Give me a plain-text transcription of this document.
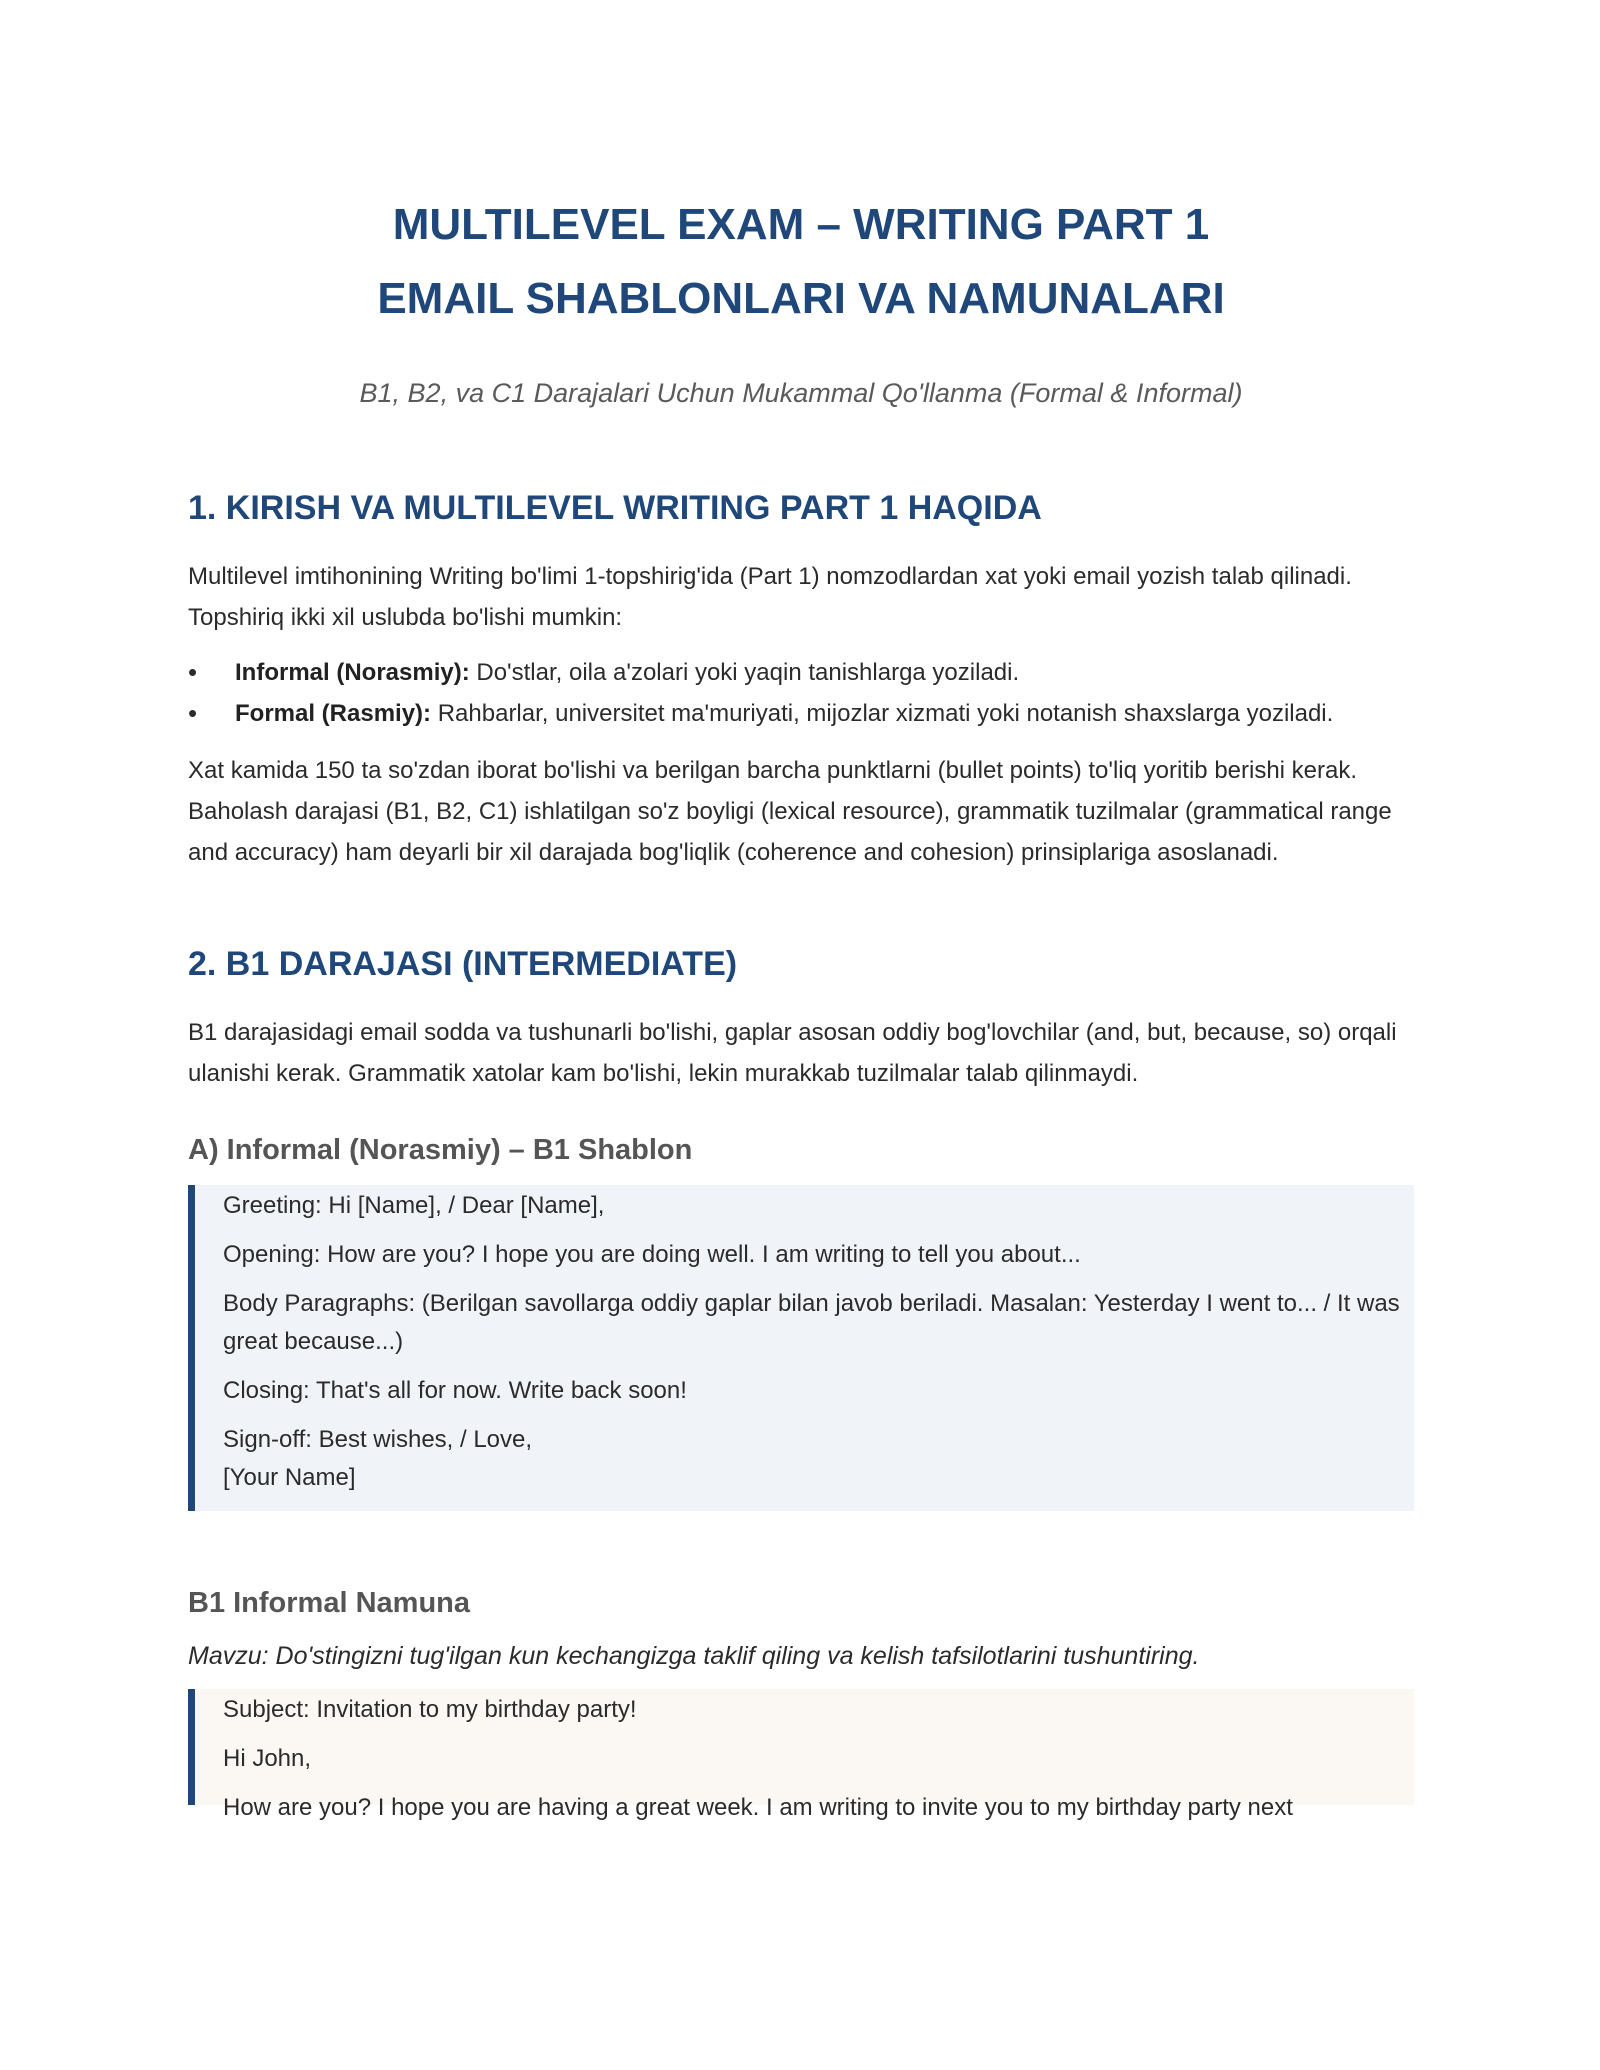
MULTILEVEL EXAM – WRITING PART 1
EMAIL SHABLONLARI VA NAMUNALARI
B1, B2, va C1 Darajalari Uchun Mukammal Qo'llanma (Formal & Informal)
1. KIRISH VA MULTILEVEL WRITING PART 1 HAQIDA

Multilevel imtihonining Writing bo'limi 1-topshirig'ida (Part 1) nomzodlardan xat yoki email yozish talab qilinadi. Topshiriq ikki xil uslubda bo'lishi mumkin:

• Informal (Norasmiy): Do'stlar, oila a'zolari yoki yaqin tanishlarga yoziladi.
• Formal (Rasmiy): Rahbarlar, universitet ma'muriyati, mijozlar xizmati yoki notanish shaxslarga yoziladi.

Xat kamida 150 ta so'zdan iborat bo'lishi va berilgan barcha punktlarni (bullet points) to'liq yoritib berishi kerak. Baholash darajasi (B1, B2, C1) ishlatilgan so'z boyligi (lexical resource), grammatik tuzilmalar (grammatical range and accuracy) ham deyarli bir xil darajada bog'liqlik (coherence and cohesion) prinsiplariga asoslanadi.

2. B1 DARAJASI (INTERMEDIATE)

B1 darajasidagi email sodda va tushunarli bo'lishi, gaplar asosan oddiy bog'lovchilar (and, but, because, so) orqali ulanishi kerak. Grammatik xatolar kam bo'lishi, lekin murakkab tuzilmalar talab qilinmaydi.

A) Informal (Norasmiy) – B1 Shablon
Greeting: Hi [Name], / Dear [Name],
Opening: How are you? I hope you are doing well. I am writing to tell you about...
Body Paragraphs: (Berilgan savollarga oddiy gaplar bilan javob beriladi. Masalan: Yesterday I went to... / It was great because...)
Closing: That's all for now. Write back soon!
Sign-off: Best wishes, / Love,
[Your Name]
B1 Informal Namuna
Mavzu: Do'stingizni tug'ilgan kun kechangizga taklif qiling va kelish tafsilotlarini tushuntiring.
Subject: Invitation to my birthday party!
Hi John,
How are you? I hope you are having a great week. I am writing to invite you to my birthday party next
